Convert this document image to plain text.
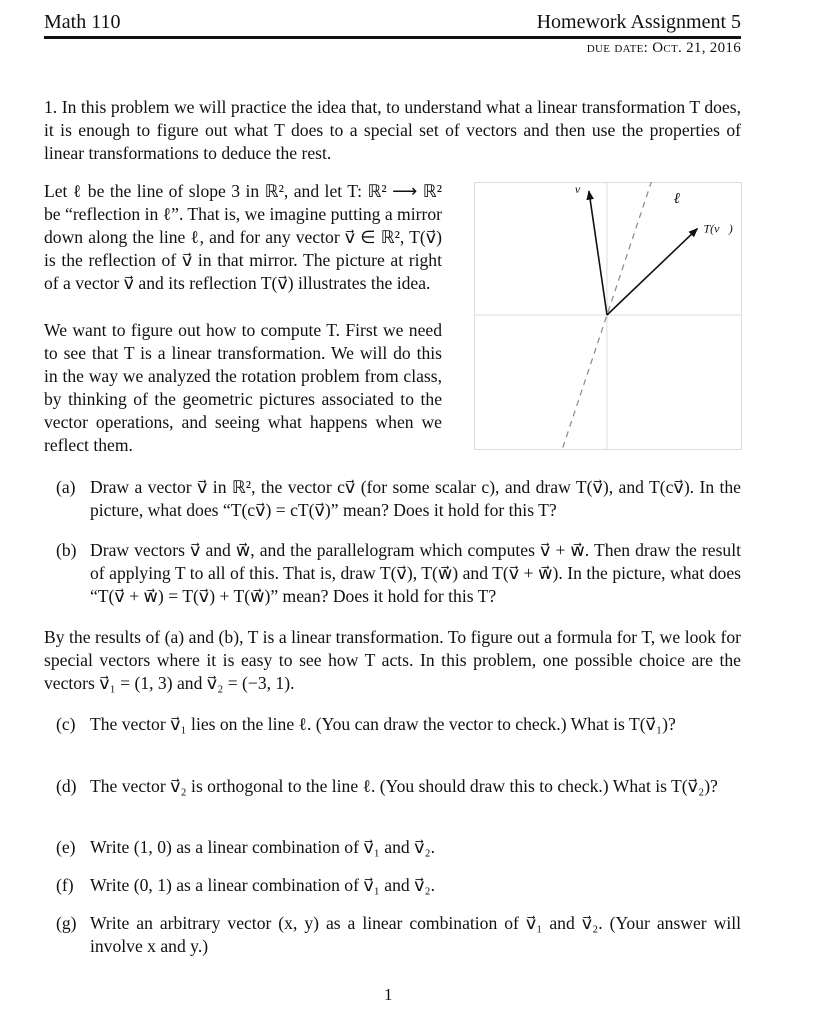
Math 110	Homework Assignment 5
due date: Oct. 21, 2016
1. In this problem we will practice the idea that, to understand what a linear transformation T does, it is enough to figure out what T does to a special set of vectors and then use the properties of linear transformations to deduce the rest.
Let ℓ be the line of slope 3 in ℝ², and let T: ℝ² ⟶ ℝ² be “reflection in ℓ”. That is, we imagine putting a mirror down along the line ℓ, and for any vector v⃗ ∈ ℝ², T(v⃗) is the reflection of v⃗ in that mirror. The picture at right of a vector v⃗ and its reflection T(v⃗) illustrates the idea.
We want to figure out how to compute T. First we need to see that T is a linear transformation. We will do this in the way we analyzed the rotation problem from class, by thinking of the geometric pictures associated to the vector operations, and seeing what happens when we reflect them.
v⃗
ℓ
T(v⃗)
(a) Draw a vector v⃗ in ℝ², the vector cv⃗ (for some scalar c), and draw T(v⃗), and T(cv⃗). In the picture, what does “T(cv⃗) = cT(v⃗)” mean? Does it hold for this T?
(b) Draw vectors v⃗ and w⃗, and the parallelogram which computes v⃗ + w⃗. Then draw the result of applying T to all of this. That is, draw T(v⃗), T(w⃗) and T(v⃗ + w⃗). In the picture, what does “T(v⃗ + w⃗) = T(v⃗) + T(w⃗)” mean? Does it hold for this T?
By the results of (a) and (b), T is a linear transformation. To figure out a formula for T, we look for special vectors where it is easy to see how T acts. In this problem, one possible choice are the vectors v⃗₁ = (1, 3) and v⃗₂ = (−3, 1).
(c) The vector v⃗₁ lies on the line ℓ. (You can draw the vector to check.) What is T(v⃗₁)?
(d) The vector v⃗₂ is orthogonal to the line ℓ. (You should draw this to check.) What is T(v⃗₂)?
(e) Write (1, 0) as a linear combination of v⃗₁ and v⃗₂.
(f) Write (0, 1) as a linear combination of v⃗₁ and v⃗₂.
(g) Write an arbitrary vector (x, y) as a linear combination of v⃗₁ and v⃗₂. (Your answer will involve x and y.)
1
